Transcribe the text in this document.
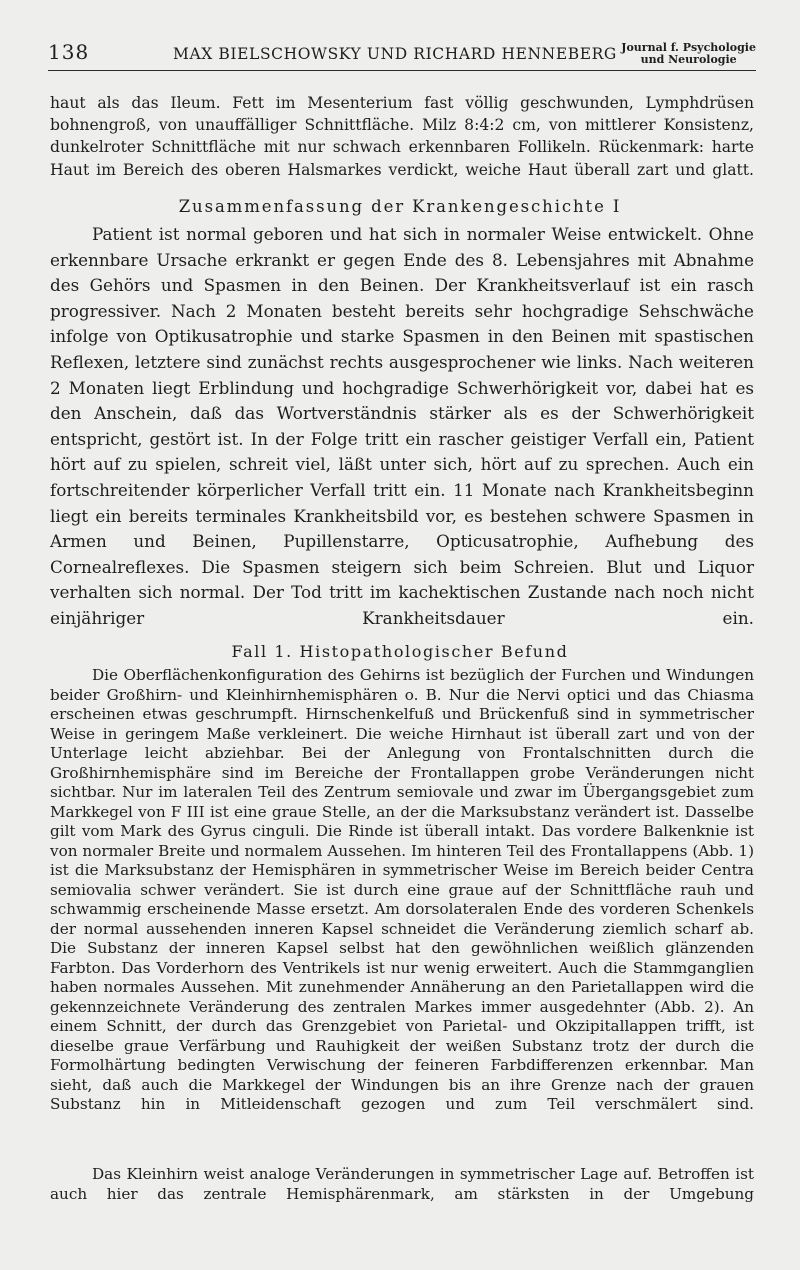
138	MAX BIELSCHOWSKY UND RICHARD HENNEBERG Journal f. Psychologie
und Neurologie

haut als das Ileum. Fett im Mesenterium fast völlig geschwunden, Lymphdrüsen bohnengroß, von unauffälliger Schnittfläche. Milz 8:4:2 cm, von mittlerer Konsistenz, dunkelroter Schnittfläche mit nur schwach erkennbaren Follikeln. Rückenmark: harte Haut im Bereich des oberen Halsmarkes verdickt, weiche Haut überall zart und glatt.

Zusammenfassung der Krankengeschichte I

Patient ist normal geboren und hat sich in normaler Weise entwickelt. Ohne erkennbare Ursache erkrankt er gegen Ende des 8. Lebensjahres mit Abnahme des Gehörs und Spasmen in den Beinen. Der Krankheitsverlauf ist ein rasch progressiver. Nach 2 Monaten besteht bereits sehr hochgradige Sehschwäche infolge von Optikusatrophie und starke Spasmen in den Beinen mit spastischen Reflexen, letztere sind zunächst rechts ausgesprochener wie links. Nach weiteren 2 Monaten liegt Erblindung und hochgradige Schwerhörigkeit vor, dabei hat es den Anschein, daß das Wortverständnis stärker als es der Schwerhörigkeit entspricht, gestört ist. In der Folge tritt ein rascher geistiger Verfall ein, Patient hört auf zu spielen, schreit viel, läßt unter sich, hört auf zu sprechen. Auch ein fortschreitender körperlicher Verfall tritt ein. 11 Monate nach Krankheitsbeginn liegt ein bereits terminales Krankheitsbild vor, es bestehen schwere Spasmen in Armen und Beinen, Pupillenstarre, Opticusatrophie, Aufhebung des Cornealreflexes. Die Spasmen steigern sich beim Schreien. Blut und Liquor verhalten sich normal. Der Tod tritt im kachektischen Zustande nach noch nicht einjähriger Krankheitsdauer ein.

Fall 1. Histopathologischer Befund

Die Oberflächenkonfiguration des Gehirns ist bezüglich der Furchen und Windungen beider Großhirn- und Kleinhirnhemisphären o. B. Nur die Nervi optici und das Chiasma erscheinen etwas geschrumpft. Hirnschenkelfuß und Brückenfuß sind in symmetrischer Weise in geringem Maße verkleinert. Die weiche Hirnhaut ist überall zart und von der Unterlage leicht abziehbar. Bei der Anlegung von Frontalschnitten durch die Großhirnhemisphäre sind im Bereiche der Frontallappen grobe Veränderungen nicht sichtbar. Nur im lateralen Teil des Zentrum semiovale und zwar im Übergangsgebiet zum Markkegel von F III ist eine graue Stelle, an der die Marksubstanz verändert ist. Dasselbe gilt vom Mark des Gyrus cinguli. Die Rinde ist überall intakt. Das vordere Balkenknie ist von normaler Breite und normalem Aussehen. Im hinteren Teil des Frontallappens (Abb. 1) ist die Marksubstanz der Hemisphären in symmetrischer Weise im Bereich beider Centra semiovalia schwer verändert. Sie ist durch eine graue auf der Schnittfläche rauh und schwammig erscheinende Masse ersetzt. Am dorsolateralen Ende des vorderen Schenkels der normal aussehenden inneren Kapsel schneidet die Veränderung ziemlich scharf ab. Die Substanz der inneren Kapsel selbst hat den gewöhnlichen weißlich glänzenden Farbton. Das Vorderhorn des Ventrikels ist nur wenig erweitert. Auch die Stammganglien haben normales Aussehen. Mit zunehmender Annäherung an den Parietallappen wird die gekennzeichnete Veränderung des zentralen Markes immer ausgedehnter (Abb. 2). An einem Schnitt, der durch das Grenzgebiet von Parietal- und Okzipitallappen trifft, ist dieselbe graue Verfärbung und Rauhigkeit der weißen Substanz trotz der durch die Formolhärtung bedingten Verwischung der feineren Farbdifferenzen erkennbar. Man sieht, daß auch die Markkegel der Windungen bis an ihre Grenze nach der grauen Substanz hin in Mitleidenschaft gezogen und zum Teil verschmälert sind.

Das Kleinhirn weist analoge Veränderungen in symmetrischer Lage auf. Betroffen ist auch hier das zentrale Hemisphärenmark, am stärksten in der Umgebung
